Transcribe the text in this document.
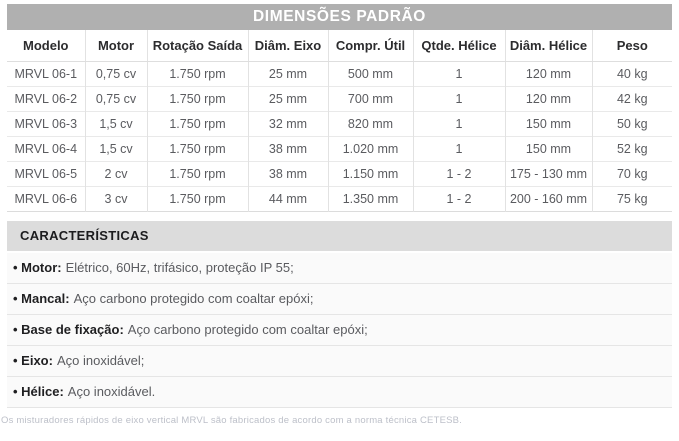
DIMENSÕES PADRÃO
Modelo	Motor	Rotação Saída	Diâm. Eixo	Compr. Útil	Qtde. Hélice	Diâm. Hélice	Peso
MRVL 06-1	0,75 cv	1.750 rpm	25 mm	500 mm	1	120 mm	40 kg
MRVL 06-2	0,75 cv	1.750 rpm	25 mm	700 mm	1	120 mm	42 kg
MRVL 06-3	1,5 cv	1.750 rpm	32 mm	820 mm	1	150 mm	50 kg
MRVL 06-4	1,5 cv	1.750 rpm	38 mm	1.020 mm	1	150 mm	52 kg
MRVL 06-5	2 cv	1.750 rpm	38 mm	1.150 mm	1 - 2	175 - 130 mm	70 kg
MRVL 06-6	3 cv	1.750 rpm	44 mm	1.350 mm	1 - 2	200 - 160 mm	75 kg
CARACTERÍSTICAS
• Motor: Elétrico, 60Hz, trifásico, proteção IP 55;
• Mancal: Aço carbono protegido com coaltar epóxi;
• Base de fixação: Aço carbono protegido com coaltar epóxi;
• Eixo: Aço inoxidável;
• Hélice: Aço inoxidável.
Os misturadores rápidos de eixo vertical MRVL são fabricados de acordo com a norma técnica CETESB.
